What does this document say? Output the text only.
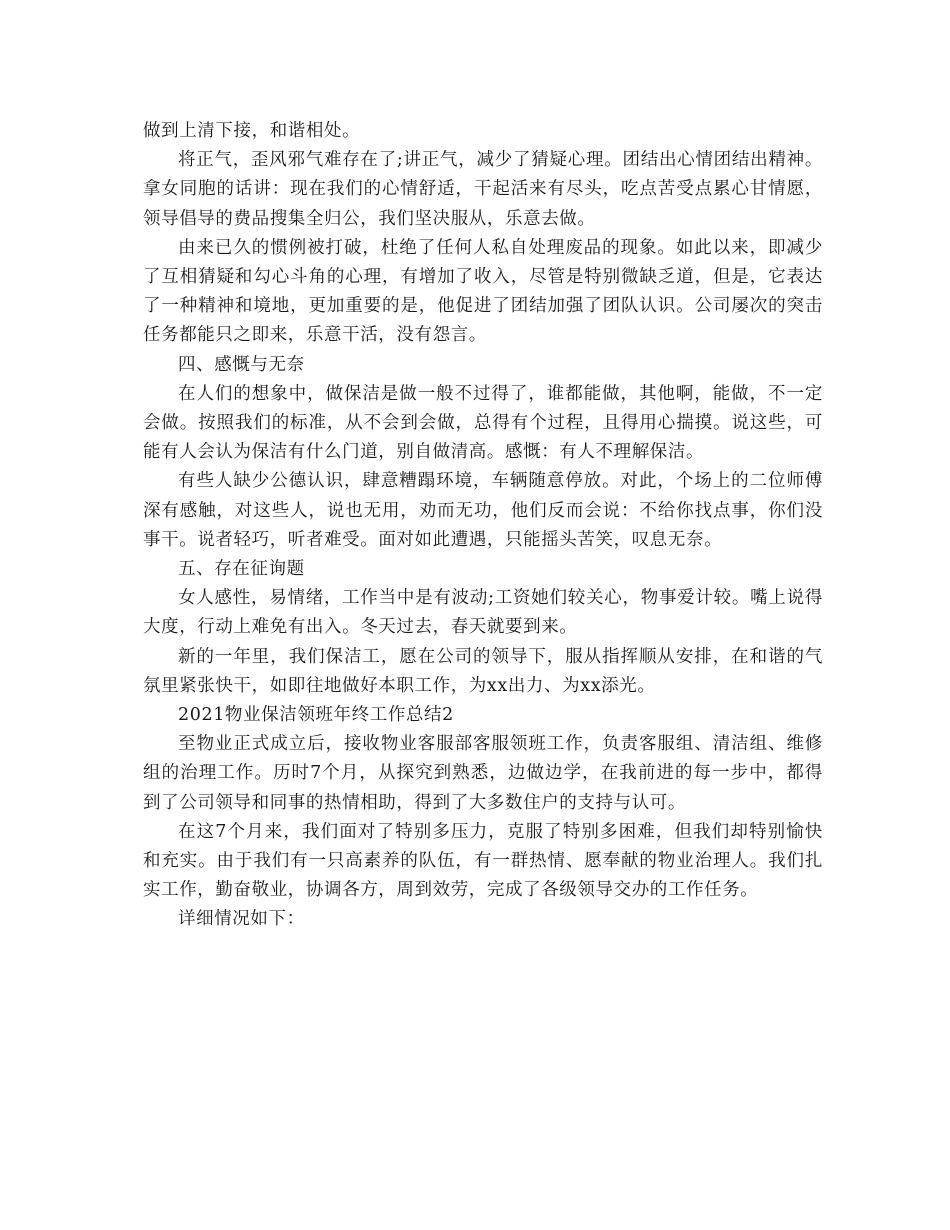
做到上清下接，和谐相处。

将正气，歪风邪气难存在了;讲正气，减少了猜疑心理。团结出心情团结出精神。拿女同胞的话讲：现在我们的心情舒适，干起活来有尽头，吃点苦受点累心甘情愿，领导倡导的费品搜集全归公，我们坚决服从，乐意去做。

由来已久的惯例被打破，杜绝了任何人私自处理废品的现象。如此以来，即减少了互相猜疑和勾心斗角的心理，有增加了收入，尽管是特别微缺乏道，但是，它表达了一种精神和境地，更加重要的是，他促进了团结加强了团队认识。公司屡次的突击任务都能只之即来，乐意干活，没有怨言。

四、感慨与无奈

在人们的想象中，做保洁是做一般不过得了，谁都能做，其他啊，能做，不一定会做。按照我们的标准，从不会到会做，总得有个过程，且得用心揣摸。说这些，可能有人会认为保洁有什么门道，别自做清高。感慨：有人不理解保洁。

有些人缺少公德认识，肆意糟蹋环境，车辆随意停放。对此，个场上的二位师傅深有感触，对这些人，说也无用，劝而无功，他们反而会说：不给你找点事，你们没事干。说者轻巧，听者难受。面对如此遭遇，只能摇头苦笑，叹息无奈。

五、存在征询题

女人感性，易情绪，工作当中是有波动;工资她们较关心，物事爱计较。嘴上说得大度，行动上难免有出入。冬天过去，春天就要到来。

新的一年里，我们保洁工，愿在公司的领导下，服从指挥顺从安排，在和谐的气氛里紧张快干，如即往地做好本职工作，为xx出力、为xx添光。

2021物业保洁领班年终工作总结2

至物业正式成立后，接收物业客服部客服领班工作，负责客服组、清洁组、维修组的治理工作。历时7个月，从探究到熟悉，边做边学，在我前进的每一步中，都得到了公司领导和同事的热情相助，得到了大多数住户的支持与认可。

在这7个月来，我们面对了特别多压力，克服了特别多困难，但我们却特别愉快和充实。由于我们有一只高素养的队伍，有一群热情、愿奉献的物业治理人。我们扎实工作，勤奋敬业，协调各方，周到效劳，完成了各级领导交办的工作任务。

详细情况如下：
